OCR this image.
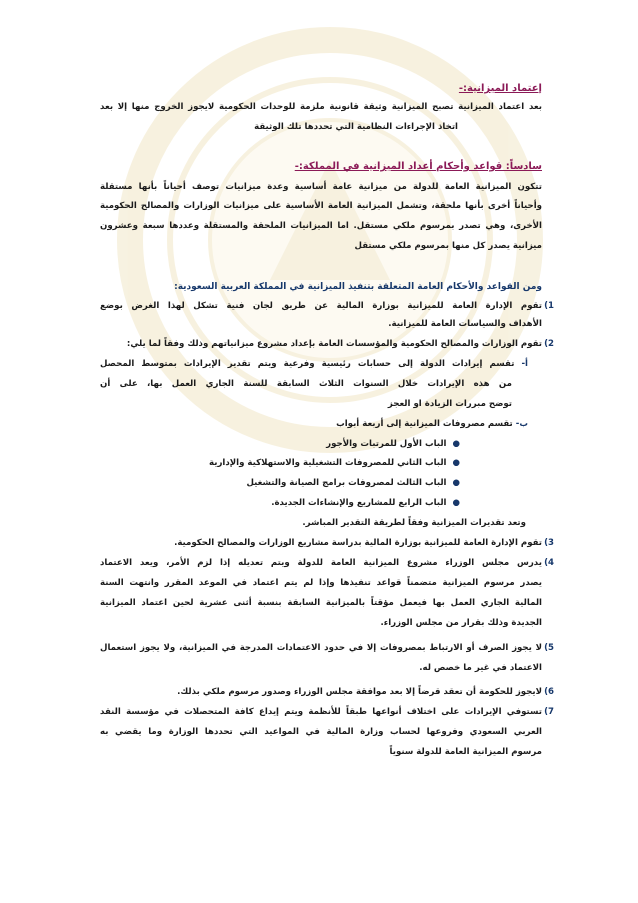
إعتماد الميزانية:-
بعد اعتماد الميزانية تصبح الميزانية وثيقة قانونية ملزمة للوحدات الحكومية لايجوز الخروج منها إلا بعد
اتخاذ الإجراءات النظامية التي تحددها تلك الوثيقة
سادساً: قواعد وأحكام أعداد الميزانية في المملكة:-
تتكون الميزانية العامة للدولة من ميزانية عامة أساسية وعدة ميزانيات توصف أحياناً بأنها مستقلة
وأحياناً أخرى بأنها ملحقة، وتشمل الميزانية العامة الأساسية على ميزانيات الوزارات والمصالح الحكومية
الأخرى، وهي تصدر بمرسوم ملكي مستقل. اما الميزانيات الملحقة والمستقلة وعددها سبعة وعشرون
ميزانية يصدر كل منها بمرسوم ملكي مستقل
ومن القواعد والأحكام العامة المتعلقة بتنفيذ الميزانية في المملكة العربية السعودية:
1)
تقوم الإدارة العامة للميزانية بوزارة المالية عن طريق لجان فنية تشكل لهذا الغرض بوضع
الأهداف والسياسات العامة للميزانية.
2)
تقوم الوزارات والمصالح الحكومية والمؤسسات العامة بإعداد مشروع ميزانياتهم وذلك وفقاً لما يلي:
أ- تقسم إيرادات الدولة إلى حسابات رئيسية وفرعية ويتم تقدير الإيرادات بمتوسط المحصل
من هذه الإيرادات خلال السنوات الثلاث السابقة للسنة الجاري العمل بها، على أن
توضح مبررات الزيادة او العجز
ب- تقسم مصروفات الميزانية إلى أربعة أبواب
●الباب الأول للمرتبات والأجور
●الباب الثاني للمصروفات التشغيلية والاستهلاكية والإدارية
●الباب الثالث لمصروفات برامج الصيانة والتشغيل
●الباب الرابع للمشاريع والإنشاءات الجديدة.
وتعد تقديرات الميزانية وفقاً لطريقة التقدير المباشر.
3)
تقوم الإدارة العامة للميزانية بوزارة المالية بدراسة مشاريع الوزارات والمصالح الحكومية.
4)
يدرس مجلس الوزراء مشروع الميزانية العامة للدولة ويتم تعديله إذا لزم الأمر، ويعد الاعتماد
يصدر مرسوم الميزانية متضمناً قواعد تنفيذها وإذا لم يتم اعتماد في الموعد المقرر وانتهت السنة
المالية الجاري العمل بها فيعمل مؤقتاً بالميزانية السابقة بنسبة أثنى عشرية لحين اعتماد الميزانية
الجديدة وذلك بقرار من مجلس الوزراء.
5)
لا يجوز الصرف أو الارتباط بمصروفات إلا في حدود الاعتمادات المدرجة في الميزانية، ولا يجوز استعمال
الاعتماد في غير ما خصص له.
6)
لايجوز للحكومة أن تعقد قرضاً إلا بعد موافقة مجلس الوزراء وصدور مرسوم ملكي بذلك.
7)
تستوفي الإيرادات على اختلاف أنواعها طبقاً للأنظمة ويتم إيداع كافة المتحصلات في مؤسسة النقد
العربي السعودي وفروعها لحساب وزارة المالية في المواعيد التي تحددها الوزارة وما يقضي به
مرسوم الميزانية العامة للدولة سنوياً
